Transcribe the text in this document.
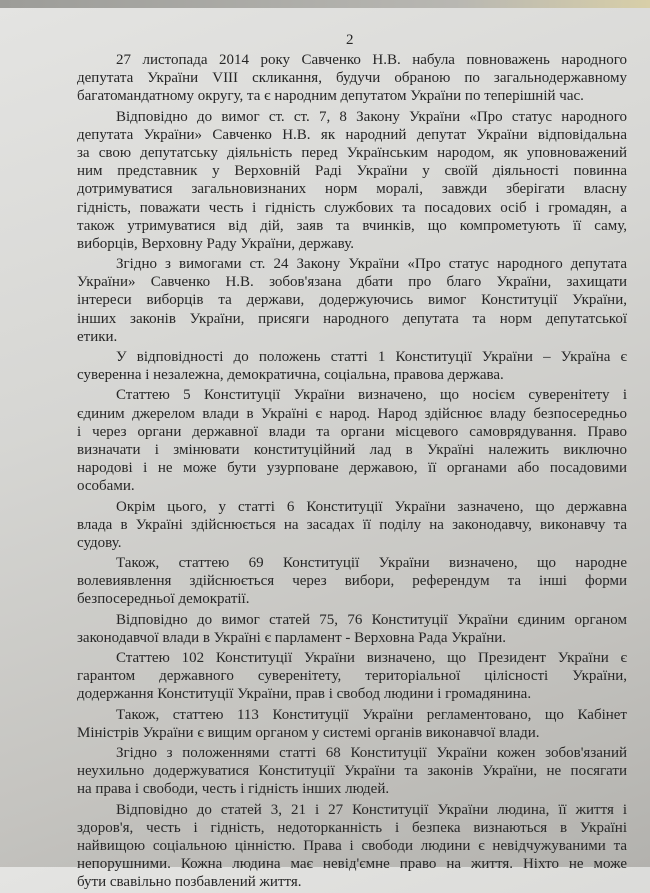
2
27 листопада 2014 року Савченко Н.В. набула повноважень народного
депутата України VIII скликання, будучи обраною по загальнодержавному
багатомандатному округу, та є народним депутатом України по теперішній час.
Відповідно до вимог ст. ст. 7, 8 Закону України «Про статус народного
депутата України» Савченко Н.В. як народний депутат України відповідальна
за свою депутатську діяльність перед Українським народом, як уповноважений
ним представник у Верховній Раді України у своїй діяльності повинна
дотримуватися загальновизнаних норм моралі, завжди зберігати власну
гідність, поважати честь і гідність службових та посадових осіб і громадян, а
також утримуватися від дій, заяв та вчинків, що компрометують її саму,
виборців, Верховну Раду України, державу.
Згідно з вимогами ст. 24 Закону України «Про статус народного депутата
України» Савченко Н.В. зобов'язана дбати про благо України, захищати
інтереси виборців та держави, додержуючись вимог Конституції України,
інших законів України, присяги народного депутата та норм депутатської
етики.
У відповідності до положень статті 1 Конституції України – Україна є
суверенна і незалежна, демократична, соціальна, правова держава.
Статтею 5 Конституції України визначено, що носієм суверенітету і
єдиним джерелом влади в Україні є народ. Народ здійснює владу безпосередньо
і через органи державної влади та органи місцевого самоврядування. Право
визначати і змінювати конституційний лад в Україні належить виключно
народові і не може бути узурповане державою, її органами або посадовими
особами.
Окрім цього, у статті 6 Конституції України зазначено, що державна
влада в Україні здійснюється на засадах її поділу на законодавчу, виконавчу та
судову.
Також, статтею 69 Конституції України визначено, що народне
волевиявлення здійснюється через вибори, референдум та інші форми
безпосередньої демократії.
Відповідно до вимог статей 75, 76 Конституції України єдиним органом
законодавчої влади в Україні є парламент - Верховна Рада України.
Статтею 102 Конституції України визначено, що Президент України є
гарантом державного суверенітету, територіальної цілісності України,
додержання Конституції України, прав і свобод людини і громадянина.
Також, статтею 113 Конституції України регламентовано, що Кабінет
Міністрів України є вищим органом у системі органів виконавчої влади.
Згідно з положеннями статті 68 Конституції України кожен зобов'язаний
неухильно додержуватися Конституції України та законів України, не посягати
на права і свободи, честь і гідність інших людей.
Відповідно до статей 3, 21 і 27 Конституції України людина, її життя і
здоров'я, честь і гідність, недоторканність і безпека визнаються в Україні
найвищою соціальною цінністю. Права і свободи людини є невідчужуваними та
непорушними. Кожна людина має невід'ємне право на життя. Ніхто не може
бути свавільно позбавлений життя.
